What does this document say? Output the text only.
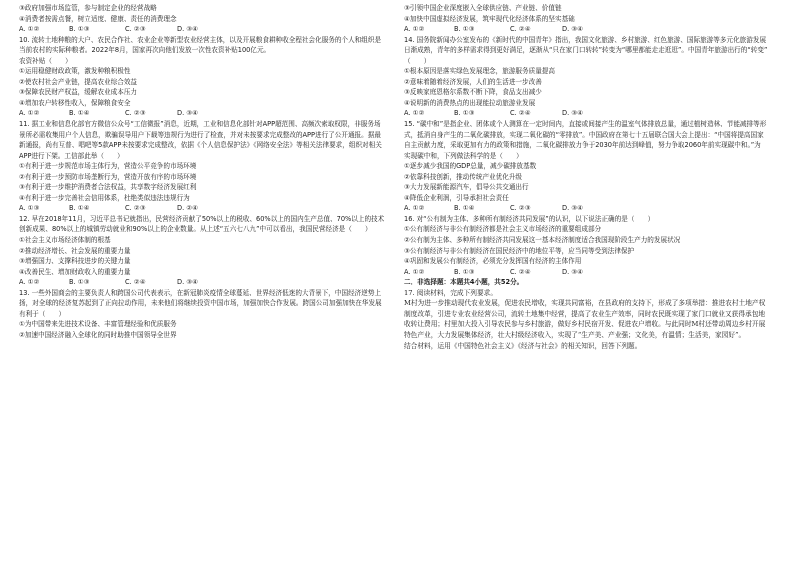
③政府加强市场监管，参与制定企业的经营战略
④消费者按需点餐，树立适度、健康、责任的消费理念
A. ①②	B. ①③	C. ②③	D. ③④
10. 流转土地种粮的大户、农民合作社、农业企业等新型农业经营主体，以及开展粮食耕种收全程社会化服务的个人和组织是
当前农村的实际种粮者。2022年8月，国家再次向他们发放一次性农资补贴100亿元。
农资补贴（　　）
①运用稳健财政政策，激发种粮积极性
②使农村社会产业链，提高农业综合效益
③保障农民财产权益，缓解农业成本压力
④增加农户转移性收入，保障粮食安全
A. ①②	B. ①④	C. ②③	D. ③④
11. 据工业和信息化部官方微信公众号“工信微报”消息，近期，工业和信息化部针对APP超范围、高频次索取权限，非服务场
景所必需收集用户个人信息，欺骗误导用户下载等违规行为进行了检查，并对未按要求完成整改的APP进行了公开通报。据最
新通报，尚有互普、唱吧等5款APP未按要求完成整改，依据《个人信息保护法》《网络安全法》等相关法律要求，组织对相关
APP进行下架。工信部此举（　　）
①有利于进一步规范市场主体行为，营造公平竞争的市场环境
②有利于进一步预防市场垄断行为，营造开放有序的市场环境
③有利于进一步维护消费者合法权益，共享数字经济发展红利
④有利于进一步完善社会信用体系，杜绝类似违法违规行为
A. ①③	B. ①④	C. ②③	D. ②④
12. 早在2018年11月，习近平总书记就指出，民营经济贡献了50%以上的税收、60%以上的国内生产总值、70%以上的技术
创新成果、80%以上的城镇劳动就业和90%以上的企业数量。从上述“五六七八九”中可以看出，我国民营经济是（　　）
①社会主义市场经济体制的根基
②推动经济增长、社会发展的重要力量
③增强国力、支撑科技进步的关键力量
④改善民生、增加财政收入的重要力量
A. ①②	B. ①③	C. ②④	D. ③④
13. 一些外国商会的主要负责人和跨国公司代表表示，在新冠肺炎疫情全球蔓延、世界经济低迷的大背景下，中国经济逆势上
扬，对全球的经济复苏起到了正向拉动作用，未来他们将继续投资中国市场，加强加快合作发展。跨国公司加强加快在华发展
有利于（　　）
①为中国带来先进技术设备、丰富管理经验和优质服务
②加速中国经济融入全球化的同时助推中国领导全世界
③引领中国企业深度嵌入全球供应链、产业链、价值链
④加快中国虚拟经济发展，筑牢现代化经济体系的坚实基础
A. ①②	B. ①③	C. ②④	D. ③④
14. 国务院新闻办公室发布的《新时代的中国青年》指出，我国文化旅游、乡村旅游、红色旅游、国际旅游等多元化旅游发展
日渐成熟，青年的多样需求得到更好满足，逐渐从“只在家门口转转”转变为“哪里都能走走逛逛”。中国青年旅游出行的“转变”
（　　）
①根本原因是落实绿色发展理念，旅游服务质量提高
②意味着随着经济发展，人们的生活进一步改善
③反映家庭恩格尔系数不断下降，食品支出减少
④说明新的消费热点的出现能拉动旅游业发展
A. ①②	B. ①③	C. ②④	D. ③④
15. “碳中和”是指企业、团体或个人测算在一定时间内，直接或间接产生的温室气体排放总量，通过植树造林、节能减排等形
式，抵消自身产生的二氧化碳排放，实现二氧化碳的“零排放”。中国政府在第七十五届联合国大会上提出：“中国将提高国家
自主贡献力度，采取更加有力的政策和措施，二氧化碳排放力争于2030年前达到峰值，努力争取2060年前实现碳中和。”为
实现碳中和，下列做法科学的是（　　）
①逐步减少我国的GDP总量，减少碳排放基数
②依靠科技创新，推动传统产业优化升级
③大力发展新能源汽车，倡导公共交通出行
④降低企业利润，引导承担社会责任
A. ①②	B. ①④	C. ②③	D. ③④
16. 对“公有制为主体、多种所有制经济共同发展”的认识，以下说法正确的是（　　）
①公有制经济与非公有制经济都是社会主义市场经济的重要组成部分
②公有制为主体、多种所有制经济共同发展这一基本经济制度适合我国现阶段生产力的发展状况
③公有制经济与非公有制经济在国民经济中的地位平等，应当同等受到法律保护
④巩固和发展公有制经济，必须充分发挥国有经济的主体作用
A. ①②	B. ①③	C. ②④	D. ③④
二．非选择题：本题共4小题，共52分。
17. 阅读材料，完成下列要求。
M村为进一步推动现代农业发展，促进农民增收，实现共同富裕，在县政府的支持下，形成了多项举措：推进农村土地产权
制度改革，引进专业农业经营公司，流转土地集中经营，提高了农业生产效率，同时农民既实现了家门口就业又获得承包地
收转让费用；村里加大投入引导农民参与乡村旅游，做好乡村民宿开发、促进农户增收。与此同时M村还带动周边乡村开展
特色产业，大力发展集体经济，壮大村级经济收入，实现了“生产美、产业强；文化美，有温情；生活美，家园好”。
结合材料，运用《中国特色社会主义》《经济与社会》的相关知识，回答下列题。
